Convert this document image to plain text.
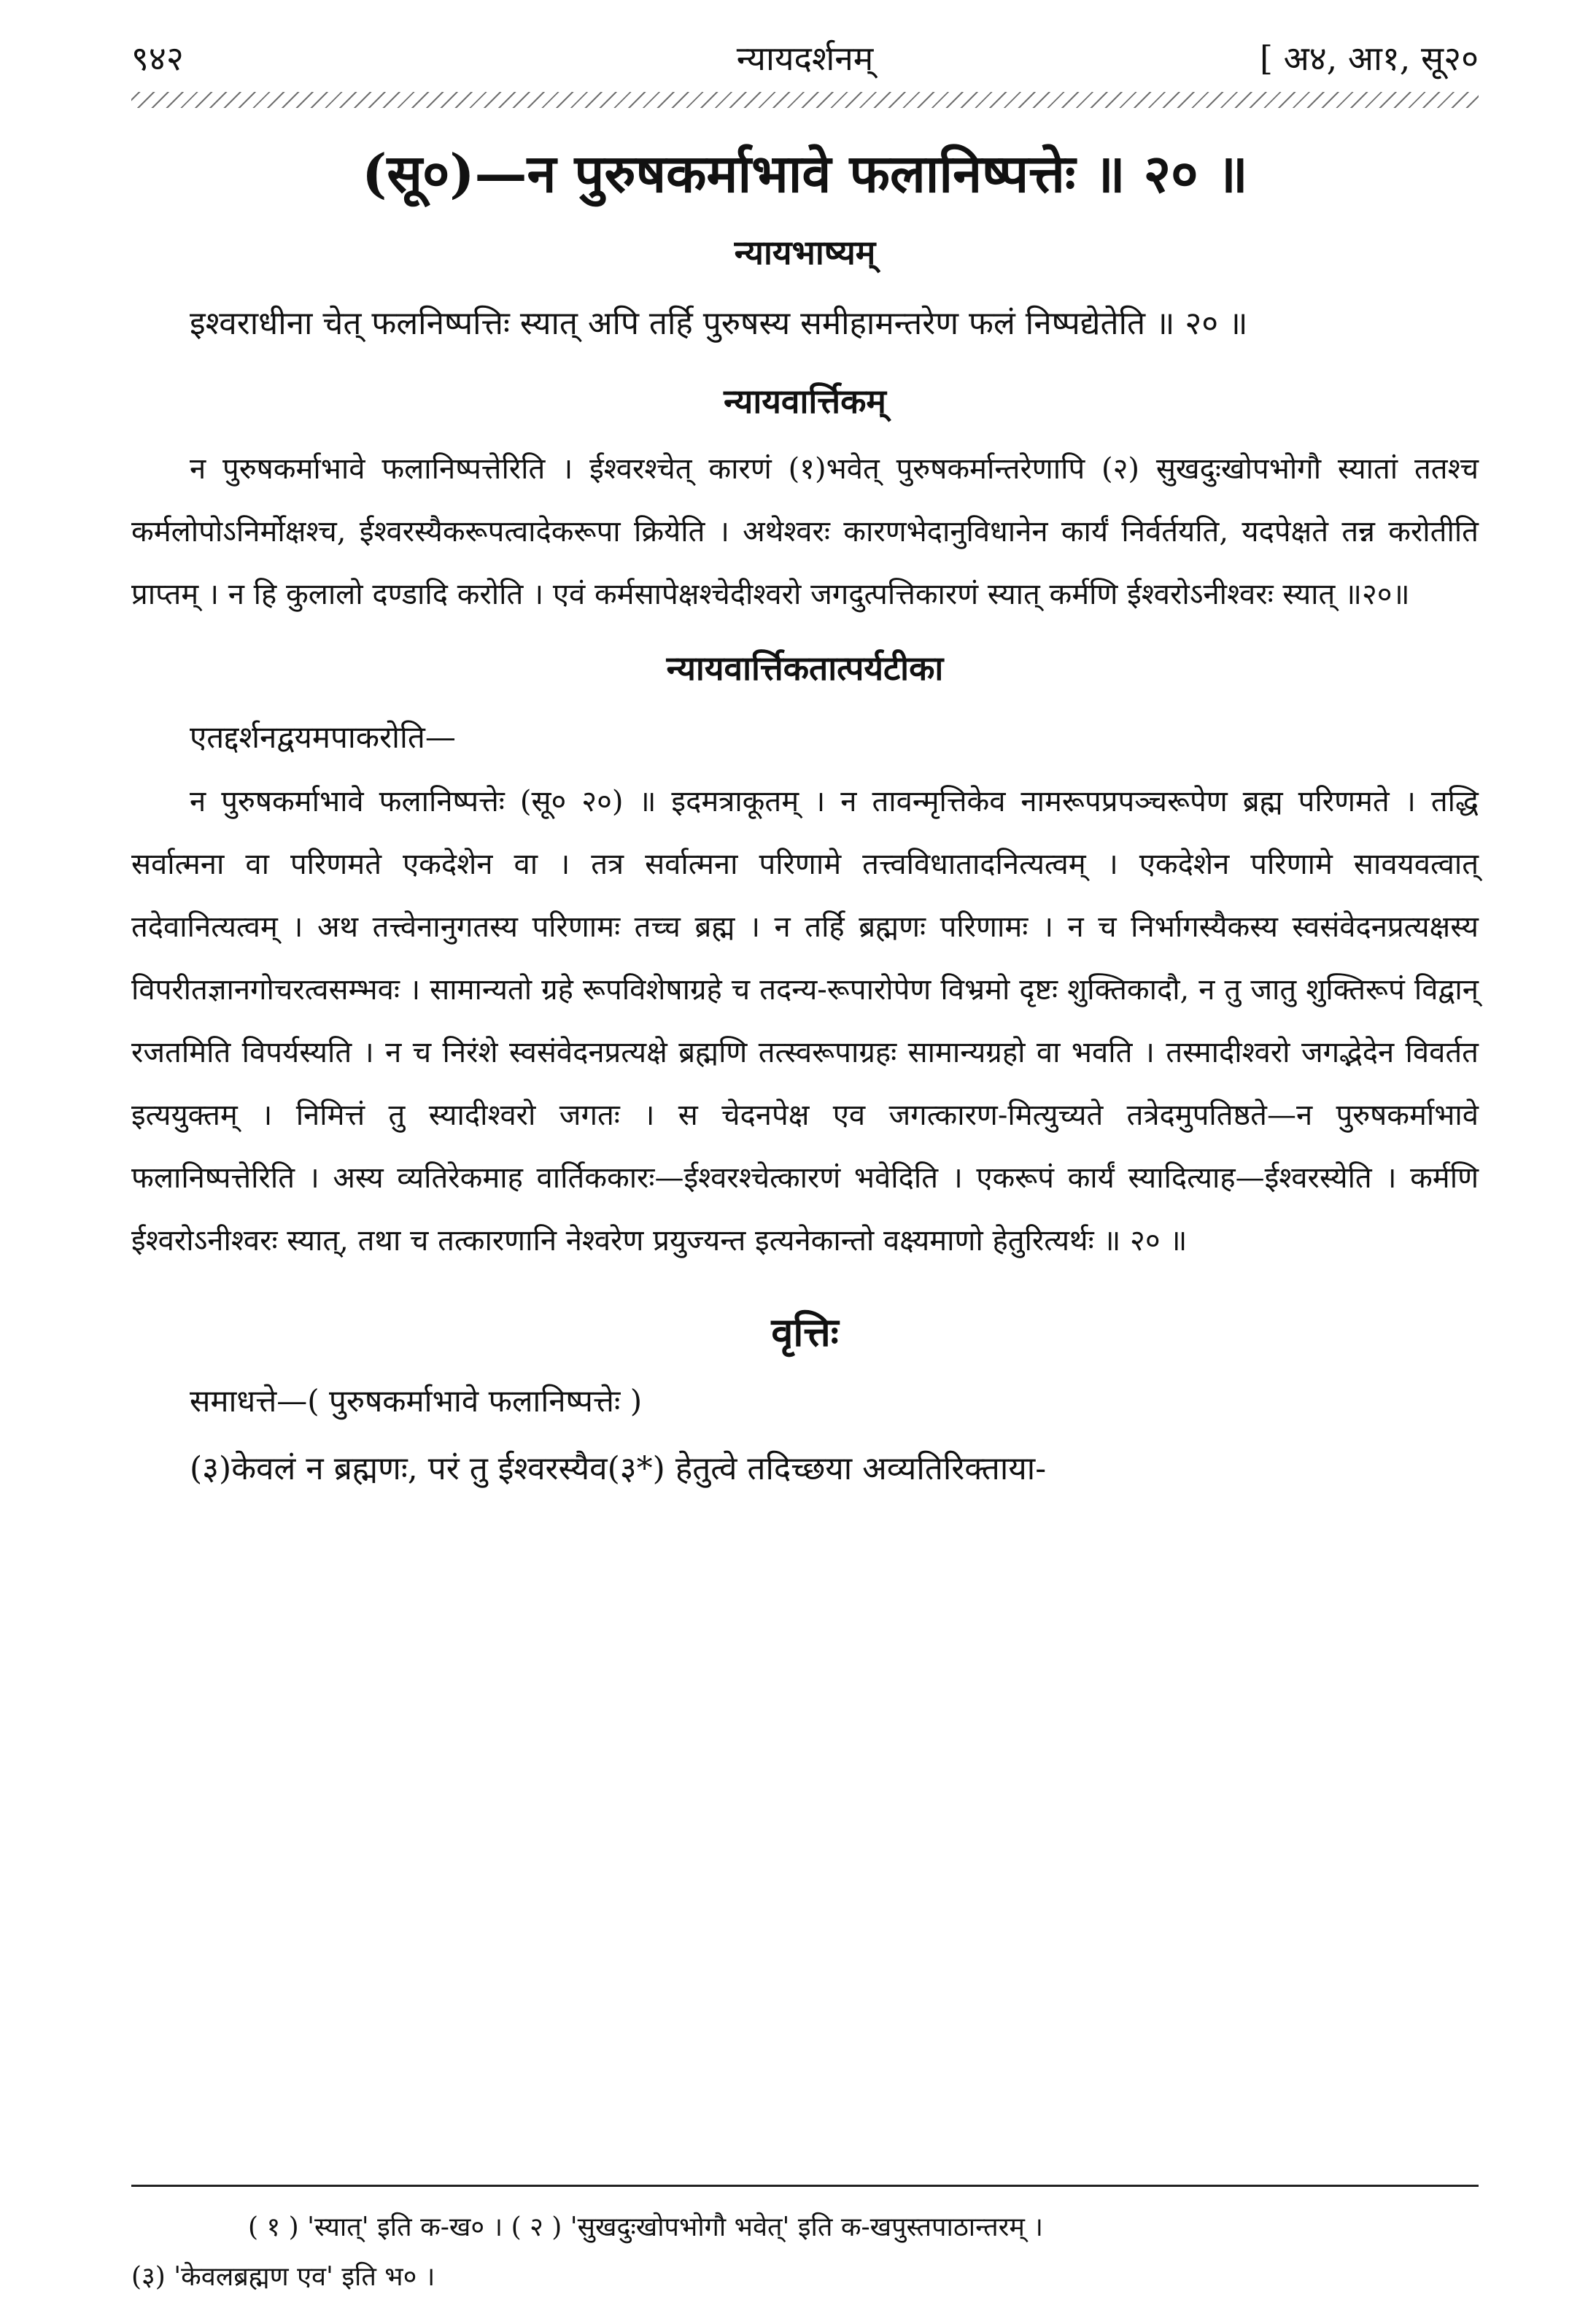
९४२	न्यायदर्शनम्	[ अ४, आ१, सू२०
(सू०)—न पुरुषकर्माभावे फलानिष्पत्तेः ॥ २० ॥
न्यायभाष्यम्

इश्वराधीना चेत् फलनिष्पत्तिः स्यात् अपि तर्हि पुरुषस्य समीहामन्तरेण फलं निष्पद्येतेति ॥ २० ॥

न्यायवार्त्तिकम्

न पुरुषकर्माभावे फलानिष्पत्तेरिति । ईश्वरश्चेत् कारणं (१)भवेत् पुरुषकर्मान्तरेणापि (२) सुखदुःखोपभोगौ स्यातां ततश्च कर्मलोपोऽनिर्मोक्षश्च, ईश्वरस्यैकरूपत्वादेकरूपा क्रियेति । अथेश्वरः कारणभेदानुविधानेन कार्यं निर्वर्तयति, यदपेक्षते तन्न करोतीति प्राप्तम् । न हि कुलालो दण्डादि करोति । एवं कर्मसापेक्षश्चेदीश्वरो जगदुत्पत्तिकारणं स्यात् कर्मणि ईश्वरोऽनीश्वरः स्यात् ॥२०॥

न्यायवार्त्तिकतात्पर्यटीका

एतद्दर्शनद्वयमपाकरोति—

न पुरुषकर्माभावे फलानिष्पत्तेः (सू० २०) ॥ इदमत्राकूतम् । न तावन्मृत्तिकेव नामरूपप्रपञ्चरूपेण ब्रह्म परिणमते । तद्धि सर्वात्मना वा परिणमते एकदेशेन वा । तत्र सर्वात्मना परिणामे तत्त्वविधातादनित्यत्वम् । एकदेशेन परिणामे सावयवत्वात् तदेवानित्यत्वम् । अथ तत्त्वेनानुगतस्य परिणामः तच्च ब्रह्म । न तर्हि ब्रह्मणः परिणामः । न च निर्भागस्यैकस्य स्वसंवेदनप्रत्यक्षस्य विपरीतज्ञानगोचरत्वसम्भवः । सामान्यतो ग्रहे रूपविशेषाग्रहे च तदन्य-रूपारोपेण विभ्रमो दृष्टः शुक्तिकादौ, न तु जातु शुक्तिरूपं विद्वान् रजतमिति विपर्यस्यति । न च निरंशे स्वसंवेदनप्रत्यक्षे ब्रह्मणि तत्स्वरूपाग्रहः सामान्यग्रहो वा भवति । तस्मादीश्वरो जगद्भेदेन विवर्तत इत्ययुक्तम् । निमित्तं तु स्यादीश्वरो जगतः । स चेदनपेक्ष एव जगत्कारण-मित्युच्यते तत्रेदमुपतिष्ठते—न पुरुषकर्माभावे फलानिष्पत्तेरिति । अस्य व्यतिरेकमाह वार्तिककारः—ईश्वरश्चेत्कारणं भवेदिति । एकरूपं कार्यं स्यादित्याह—ईश्वरस्येति । कर्मणि ईश्वरोऽनीश्वरः स्यात्, तथा च तत्कारणानि नेश्वरेण प्रयुज्यन्त इत्यनेकान्तो वक्ष्यमाणो हेतुरित्यर्थः ॥ २० ॥

वृत्तिः

समाधत्ते—( पुरुषकर्माभावे फलानिष्पत्तेः )

(३)केवलं न ब्रह्मणः, परं तु ईश्वरस्यैव(३*) हेतुत्वे तदिच्छया अव्यतिरिक्ताया-

( १ ) 'स्यात्' इति क-ख० । ( २ ) 'सुखदुःखोपभोगौ भवेत्' इति क-खपुस्तपाठान्तरम् ।
(३) 'केवलब्रह्मण एव' इति भ० ।
